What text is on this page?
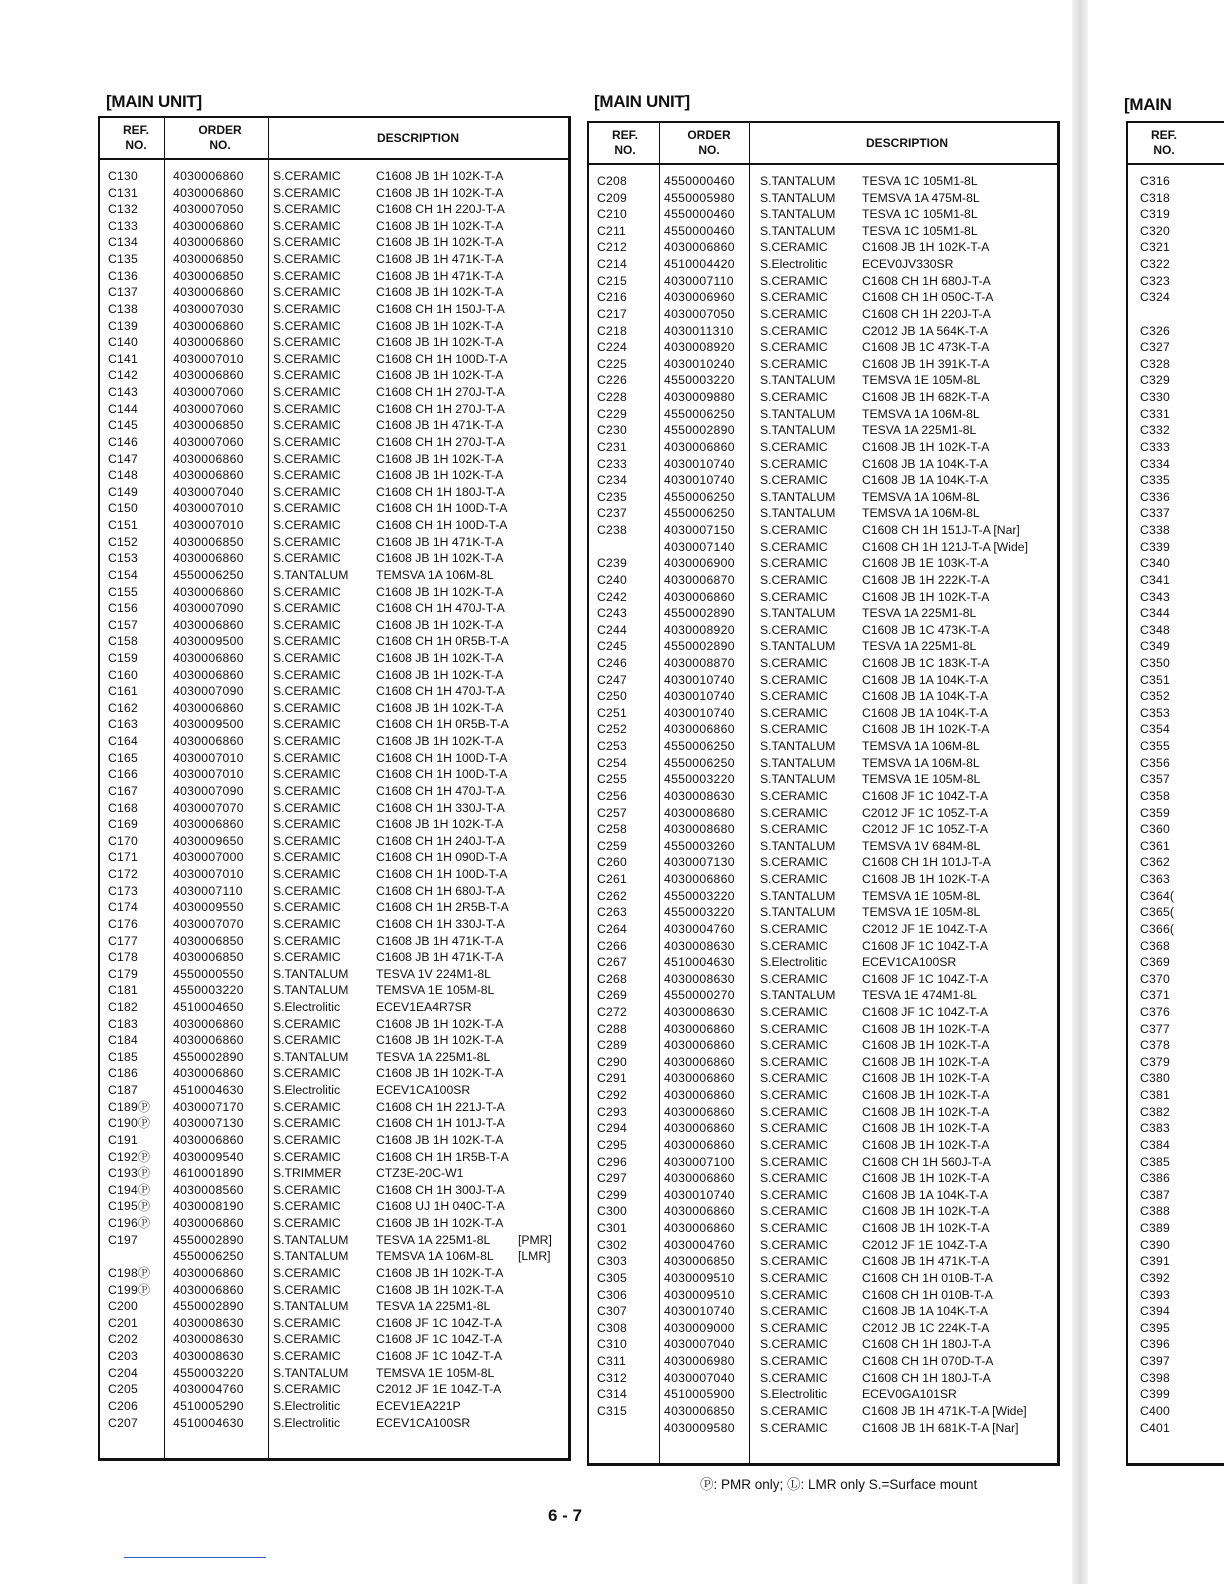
[MAIN UNIT]	[MAIN UNIT]	[MAIN
REF.
NO.
ORDER
NO.
DESCRIPTION
C130	4030006860 S.CERAMIC	C1608 JB 1H 102K-T-A
C131	4030006860 S.CERAMIC	C1608 JB 1H 102K-T-A
C132	4030007050 S.CERAMIC	C1608 CH 1H 220J-T-A
C133	4030006860 S.CERAMIC	C1608 JB 1H 102K-T-A
C134	4030006860 S.CERAMIC	C1608 JB 1H 102K-T-A
C135	4030006850 S.CERAMIC	C1608 JB 1H 471K-T-A
C136	4030006850 S.CERAMIC	C1608 JB 1H 471K-T-A
C137	4030006860 S.CERAMIC	C1608 JB 1H 102K-T-A
C138	4030007030 S.CERAMIC	C1608 CH 1H 150J-T-A
C139	4030006860 S.CERAMIC	C1608 JB 1H 102K-T-A
C140	4030006860 S.CERAMIC	C1608 JB 1H 102K-T-A
C141	4030007010 S.CERAMIC	C1608 CH 1H 100D-T-A
C142	4030006860 S.CERAMIC	C1608 JB 1H 102K-T-A
C143	4030007060 S.CERAMIC	C1608 CH 1H 270J-T-A
C144	4030007060 S.CERAMIC	C1608 CH 1H 270J-T-A
C145	4030006850 S.CERAMIC	C1608 JB 1H 471K-T-A
C146	4030007060 S.CERAMIC	C1608 CH 1H 270J-T-A
C147	4030006860 S.CERAMIC	C1608 JB 1H 102K-T-A
C148	4030006860 S.CERAMIC	C1608 JB 1H 102K-T-A
C149	4030007040 S.CERAMIC	C1608 CH 1H 180J-T-A
C150	4030007010 S.CERAMIC	C1608 CH 1H 100D-T-A
C151	4030007010 S.CERAMIC	C1608 CH 1H 100D-T-A
C152	4030006850 S.CERAMIC	C1608 JB 1H 471K-T-A
C153	4030006860 S.CERAMIC	C1608 JB 1H 102K-T-A
C154	4550006250 S.TANTALUM TEMSVA 1A 106M-8L
C155	4030006860 S.CERAMIC	C1608 JB 1H 102K-T-A
C156	4030007090 S.CERAMIC	C1608 CH 1H 470J-T-A
C157	4030006860 S.CERAMIC	C1608 JB 1H 102K-T-A
C158	4030009500 S.CERAMIC	C1608 CH 1H 0R5B-T-A
C159	4030006860 S.CERAMIC	C1608 JB 1H 102K-T-A
C160	4030006860 S.CERAMIC	C1608 JB 1H 102K-T-A
C161	4030007090 S.CERAMIC	C1608 CH 1H 470J-T-A
C162	4030006860 S.CERAMIC	C1608 JB 1H 102K-T-A
C163	4030009500 S.CERAMIC	C1608 CH 1H 0R5B-T-A
C164	4030006860 S.CERAMIC	C1608 JB 1H 102K-T-A
C165	4030007010 S.CERAMIC	C1608 CH 1H 100D-T-A
C166	4030007010 S.CERAMIC	C1608 CH 1H 100D-T-A
C167	4030007090 S.CERAMIC	C1608 CH 1H 470J-T-A
C168	4030007070 S.CERAMIC	C1608 CH 1H 330J-T-A
C169	4030006860 S.CERAMIC	C1608 JB 1H 102K-T-A
C170	4030009650 S.CERAMIC	C1608 CH 1H 240J-T-A
C171	4030007000 S.CERAMIC	C1608 CH 1H 090D-T-A
C172	4030007010 S.CERAMIC	C1608 CH 1H 100D-T-A
C173	4030007110 S.CERAMIC	C1608 CH 1H 680J-T-A
C174	4030009550 S.CERAMIC	C1608 CH 1H 2R5B-T-A
C176	4030007070 S.CERAMIC	C1608 CH 1H 330J-T-A
C177	4030006850 S.CERAMIC	C1608 JB 1H 471K-T-A
C178	4030006850 S.CERAMIC	C1608 JB 1H 471K-T-A
C179	4550000550 S.TANTALUM TESVA 1V 224M1-8L
C181	4550003220 S.TANTALUM TEMSVA 1E 105M-8L
C182	4510004650 S.Electrolitic	ECEV1EA4R7SR
C183	4030006860 S.CERAMIC	C1608 JB 1H 102K-T-A
C184	4030006860 S.CERAMIC	C1608 JB 1H 102K-T-A
C185	4550002890 S.TANTALUM TESVA 1A 225M1-8L
C186	4030006860 S.CERAMIC	C1608 JB 1H 102K-T-A
C187	4510004630 S.Electrolitic	ECEV1CA100SR
C189Ⓟ 4030007170 S.CERAMIC	C1608 CH 1H 221J-T-A
C190Ⓟ 4030007130 S.CERAMIC	C1608 CH 1H 101J-T-A
C191	4030006860 S.CERAMIC	C1608 JB 1H 102K-T-A
C192Ⓟ 4030009540 S.CERAMIC	C1608 CH 1H 1R5B-T-A
C193Ⓟ 4610001890 S.TRIMMER	CTZ3E-20C-W1
C194Ⓟ 4030008560 S.CERAMIC	C1608 CH 1H 300J-T-A
C195Ⓟ 4030008190 S.CERAMIC	C1608 UJ 1H 040C-T-A
C196Ⓟ 4030006860 S.CERAMIC	C1608 JB 1H 102K-T-A
C197	4550002890 S.TANTALUM TESVA 1A 225M1-8L [PMR]
4550006250 S.TANTALUM TEMSVA 1A 106M-8L [LMR]
C198Ⓟ 4030006860 S.CERAMIC	C1608 JB 1H 102K-T-A
C199Ⓟ 4030006860 S.CERAMIC	C1608 JB 1H 102K-T-A
C200	4550002890 S.TANTALUM TESVA 1A 225M1-8L
C201	4030008630 S.CERAMIC	C1608 JF 1C 104Z-T-A
C202	4030008630 S.CERAMIC	C1608 JF 1C 104Z-T-A
C203	4030008630 S.CERAMIC	C1608 JF 1C 104Z-T-A
C204	4550003220 S.TANTALUM TEMSVA 1E 105M-8L
C205	4030004760 S.CERAMIC	C2012 JF 1E 104Z-T-A
C206	4510005290 S.Electrolitic	ECEV1EA221P
C207	4510004630 S.Electrolitic	ECEV1CA100SR
REF.
NO.
ORDER
NO.
DESCRIPTION
C208	4550000460 S.TANTALUM TESVA 1C 105M1-8L
C209	4550005980 S.TANTALUM TEMSVA 1A 475M-8L
C210	4550000460 S.TANTALUM TESVA 1C 105M1-8L
C211	4550000460 S.TANTALUM TESVA 1C 105M1-8L
C212	4030006860 S.CERAMIC	C1608 JB 1H 102K-T-A
C214	4510004420 S.Electrolitic	ECEV0JV330SR
C215	4030007110 S.CERAMIC	C1608 CH 1H 680J-T-A
C216	4030006960 S.CERAMIC	C1608 CH 1H 050C-T-A
C217	4030007050 S.CERAMIC	C1608 CH 1H 220J-T-A
C218	4030011310 S.CERAMIC	C2012 JB 1A 564K-T-A
C224	4030008920 S.CERAMIC	C1608 JB 1C 473K-T-A
C225	4030010240 S.CERAMIC	C1608 JB 1H 391K-T-A
C226	4550003220 S.TANTALUM TEMSVA 1E 105M-8L
C228	4030009880 S.CERAMIC	C1608 JB 1H 682K-T-A
C229	4550006250 S.TANTALUM TEMSVA 1A 106M-8L
C230	4550002890 S.TANTALUM TESVA 1A 225M1-8L
C231	4030006860 S.CERAMIC	C1608 JB 1H 102K-T-A
C233	4030010740 S.CERAMIC	C1608 JB 1A 104K-T-A
C234	4030010740 S.CERAMIC	C1608 JB 1A 104K-T-A
C235	4550006250 S.TANTALUM TEMSVA 1A 106M-8L
C237	4550006250 S.TANTALUM TEMSVA 1A 106M-8L
C238	4030007150 S.CERAMIC	C1608 CH 1H 151J-T-A [Nar]
4030007140 S.CERAMIC	C1608 CH 1H 121J-T-A [Wide]
C239	4030006900 S.CERAMIC	C1608 JB 1E 103K-T-A
C240	4030006870 S.CERAMIC	C1608 JB 1H 222K-T-A
C242	4030006860 S.CERAMIC	C1608 JB 1H 102K-T-A
C243	4550002890 S.TANTALUM TESVA 1A 225M1-8L
C244	4030008920 S.CERAMIC	C1608 JB 1C 473K-T-A
C245	4550002890 S.TANTALUM TESVA 1A 225M1-8L
C246	4030008870 S.CERAMIC	C1608 JB 1C 183K-T-A
C247	4030010740 S.CERAMIC	C1608 JB 1A 104K-T-A
C250	4030010740 S.CERAMIC	C1608 JB 1A 104K-T-A
C251	4030010740 S.CERAMIC	C1608 JB 1A 104K-T-A
C252	4030006860 S.CERAMIC	C1608 JB 1H 102K-T-A
C253	4550006250 S.TANTALUM TEMSVA 1A 106M-8L
C254	4550006250 S.TANTALUM TEMSVA 1A 106M-8L
C255	4550003220 S.TANTALUM TEMSVA 1E 105M-8L
C256	4030008630 S.CERAMIC	C1608 JF 1C 104Z-T-A
C257	4030008680 S.CERAMIC	C2012 JF 1C 105Z-T-A
C258	4030008680 S.CERAMIC	C2012 JF 1C 105Z-T-A
C259	4550003260 S.TANTALUM TEMSVA 1V 684M-8L
C260	4030007130 S.CERAMIC	C1608 CH 1H 101J-T-A
C261	4030006860 S.CERAMIC	C1608 JB 1H 102K-T-A
C262	4550003220 S.TANTALUM TEMSVA 1E 105M-8L
C263	4550003220 S.TANTALUM TEMSVA 1E 105M-8L
C264	4030004760 S.CERAMIC	C2012 JF 1E 104Z-T-A
C266	4030008630 S.CERAMIC	C1608 JF 1C 104Z-T-A
C267	4510004630 S.Electrolitic	ECEV1CA100SR
C268	4030008630 S.CERAMIC	C1608 JF 1C 104Z-T-A
C269	4550000270 S.TANTALUM TESVA 1E 474M1-8L
C272	4030008630 S.CERAMIC	C1608 JF 1C 104Z-T-A
C288	4030006860 S.CERAMIC	C1608 JB 1H 102K-T-A
C289	4030006860 S.CERAMIC	C1608 JB 1H 102K-T-A
C290	4030006860 S.CERAMIC	C1608 JB 1H 102K-T-A
C291	4030006860 S.CERAMIC	C1608 JB 1H 102K-T-A
C292	4030006860 S.CERAMIC	C1608 JB 1H 102K-T-A
C293	4030006860 S.CERAMIC	C1608 JB 1H 102K-T-A
C294	4030006860 S.CERAMIC	C1608 JB 1H 102K-T-A
C295	4030006860 S.CERAMIC	C1608 JB 1H 102K-T-A
C296	4030007100 S.CERAMIC	C1608 CH 1H 560J-T-A
C297	4030006860 S.CERAMIC	C1608 JB 1H 102K-T-A
C299	4030010740 S.CERAMIC	C1608 JB 1A 104K-T-A
C300	4030006860 S.CERAMIC	C1608 JB 1H 102K-T-A
C301	4030006860 S.CERAMIC	C1608 JB 1H 102K-T-A
C302	4030004760 S.CERAMIC	C2012 JF 1E 104Z-T-A
C303	4030006850 S.CERAMIC	C1608 JB 1H 471K-T-A
C305	4030009510 S.CERAMIC	C1608 CH 1H 010B-T-A
C306	4030009510 S.CERAMIC	C1608 CH 1H 010B-T-A
C307	4030010740 S.CERAMIC	C1608 JB 1A 104K-T-A
C308	4030009000 S.CERAMIC	C2012 JB 1C 224K-T-A
C310	4030007040 S.CERAMIC	C1608 CH 1H 180J-T-A
C311	4030006980 S.CERAMIC	C1608 CH 1H 070D-T-A
C312	4030007040 S.CERAMIC	C1608 CH 1H 180J-T-A
C314	4510005900 S.Electrolitic	ECEV0GA101SR
C315	4030006850 S.CERAMIC	C1608 JB 1H 471K-T-A [Wide]
4030009580 S.CERAMIC	C1608 JB 1H 681K-T-A [Nar]
REF.
NO.
C316
C318
C319
C320
C321
C322
C323
C324
C326
C327
C328
C329
C330
C331
C332
C333
C334
C335
C336
C337
C338
C339
C340
C341
C343
C344
C348
C349
C350
C351
C352
C353
C354
C355
C356
C357
C358
C359
C360
C361
C362
C363
C364(
C365(
C366(
C368
C369
C370
C371
C376
C377
C378
C379
C380
C381
C382
C383
C384
C385
C386
C387
C388
C389
C390
C391
C392
C393
C394
C395
C396
C397
C398
C399
C400
C401
Ⓟ: PMR only; Ⓛ: LMR only S.=Surface mount
6 - 7
